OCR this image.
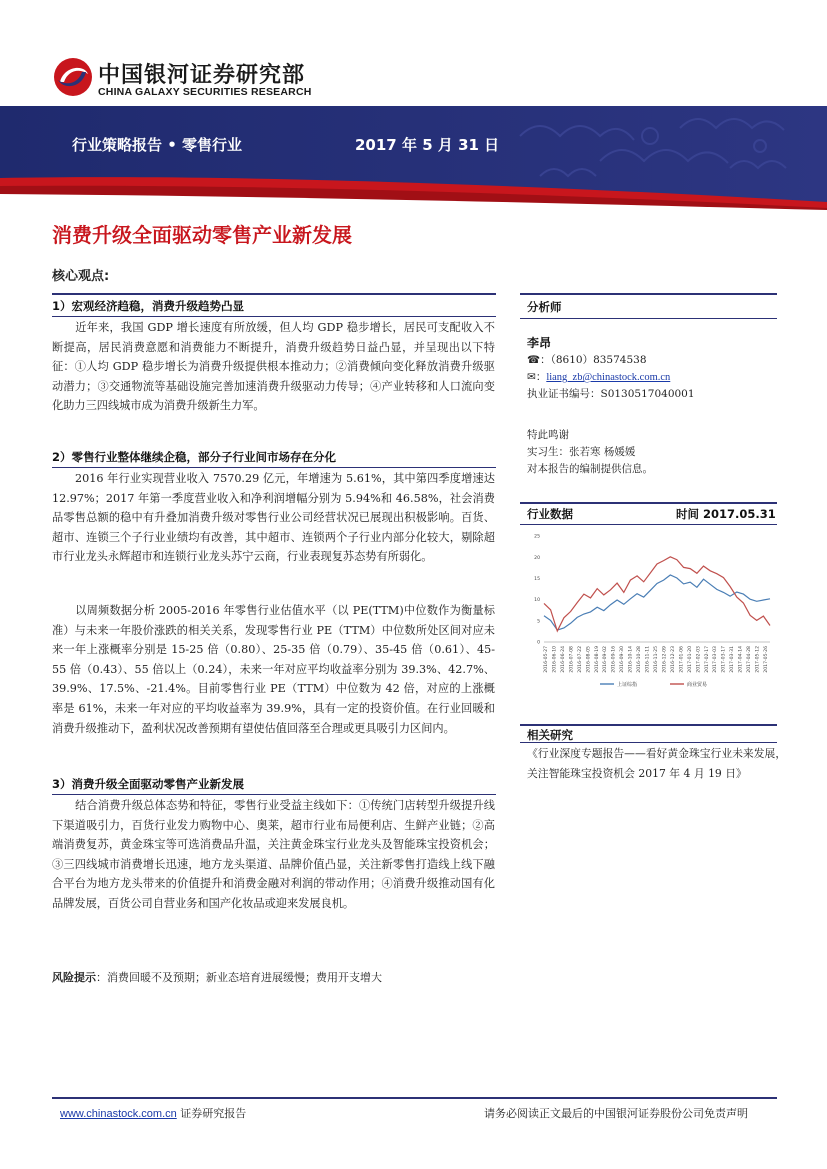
中国银河证券研究部
CHINA GALAXY SECURITIES RESEARCH
行业策略报告 • 零售行业	2017 年 5 月 31 日
消费升级全面驱动零售产业新发展
核心观点:
1）宏观经济趋稳，消费升级趋势凸显
近年来，我国 GDP 增长速度有所放缓，但人均 GDP 稳步增长，居民可支配收入不断提高，居民消费意愿和消费能力不断提升，消费升级趋势日益凸显，并呈现出以下特征：①人均 GDP 稳步增长为消费升级提供根本推动力；②消费倾向变化释放消费升级驱动潜力；③交通物流等基础设施完善加速消费升级驱动力传导；④产业转移和人口流向变化助力三四线城市成为消费升级新生力军。
2）零售行业整体继续企稳，部分子行业间市场存在分化
2016 年行业实现营业收入 7570.29 亿元，年增速为 5.61%，其中第四季度增速达 12.97%；2017 年第一季度营业收入和净利润增幅分别为 5.94%和 46.58%，社会消费品零售总额的稳中有升叠加消费升级对零售行业公司经营状况已展现出积极影响。百货、超市、连锁三个子行业业绩均有改善，其中超市、连锁两个子行业内部分化较大，剔除超市行业龙头永辉超市和连锁行业龙头苏宁云商，行业表现复苏态势有所弱化。
以周频数据分析 2005-2016 年零售行业估值水平（以 PE(TTM)中位数作为衡量标准）与未来一年股价涨跌的相关关系，发现零售行业 PE（TTM）中位数所处区间对应未来一年上涨概率分别是 15-25 倍（0.80）、25-35 倍（0.79）、35-45 倍（0.61）、45-55 倍（0.43）、55 倍以上（0.24），未来一年对应平均收益率分别为 39.3%、42.7%、39.9%、17.5%、-21.4%。目前零售行业 PE（TTM）中位数为 42 倍，对应的上涨概率是 61%，未来一年对应的平均收益率为 39.9%，具有一定的投资价值。在行业回暖和消费升级推动下，盈利状况改善预期有望使估值回落至合理或更具吸引力区间内。
3）消费升级全面驱动零售产业新发展
结合消费升级总体态势和特征，零售行业受益主线如下：①传统门店转型升级提升线下渠道吸引力，百货行业发力购物中心、奥莱，超市行业布局便利店、生鲜产业链；②高端消费复苏，黄金珠宝等可选消费品升温，关注黄金珠宝行业龙头及智能珠宝投资机会；③三四线城市消费增长迅速，地方龙头渠道、品牌价值凸显，关注新零售打造线上线下融合平台为地方龙头带来的价值提升和消费金融对利润的带动作用；④消费升级推动国有化品牌发展，百货公司自营业务和国产化妆品或迎来发展良机。
风险提示：消费回暖不及预期；新业态培育进展缓慢；费用开支增大
分析师
李昂
☎：（8610）83574538
✉：liang_zb@chinastock.com.cn
执业证书编号：S0130517040001
特此鸣谢
实习生：张若寒 杨媛媛
对本报告的编制提供信息。
行业数据	时间 2017.05.31
0
5
10
15
20
25
2016-05-27 2016-06-10 2016-06-24 2016-07-08 2016-07-22 2016-08-05 2016-08-19 2016-09-02 2016-09-16 2016-09-30 2016-10-14 2016-10-28 2016-11-11 2016-11-25 2016-12-09 2016-12-23 2017-01-06 2017-01-20 2017-02-03 2017-02-17 2017-03-03 2017-03-17 2017-03-31 2017-04-14 2017-04-28 2017-05-12 2017-05-26
上证综指	商业贸易
相关研究
《行业深度专题报告——看好黄金珠宝行业未来发展，关注智能珠宝投资机会 2017 年 4 月 19 日》
www.chinastock.com.cn 证券研究报告	请务必阅读正文最后的中国银河证券股份公司免责声明
